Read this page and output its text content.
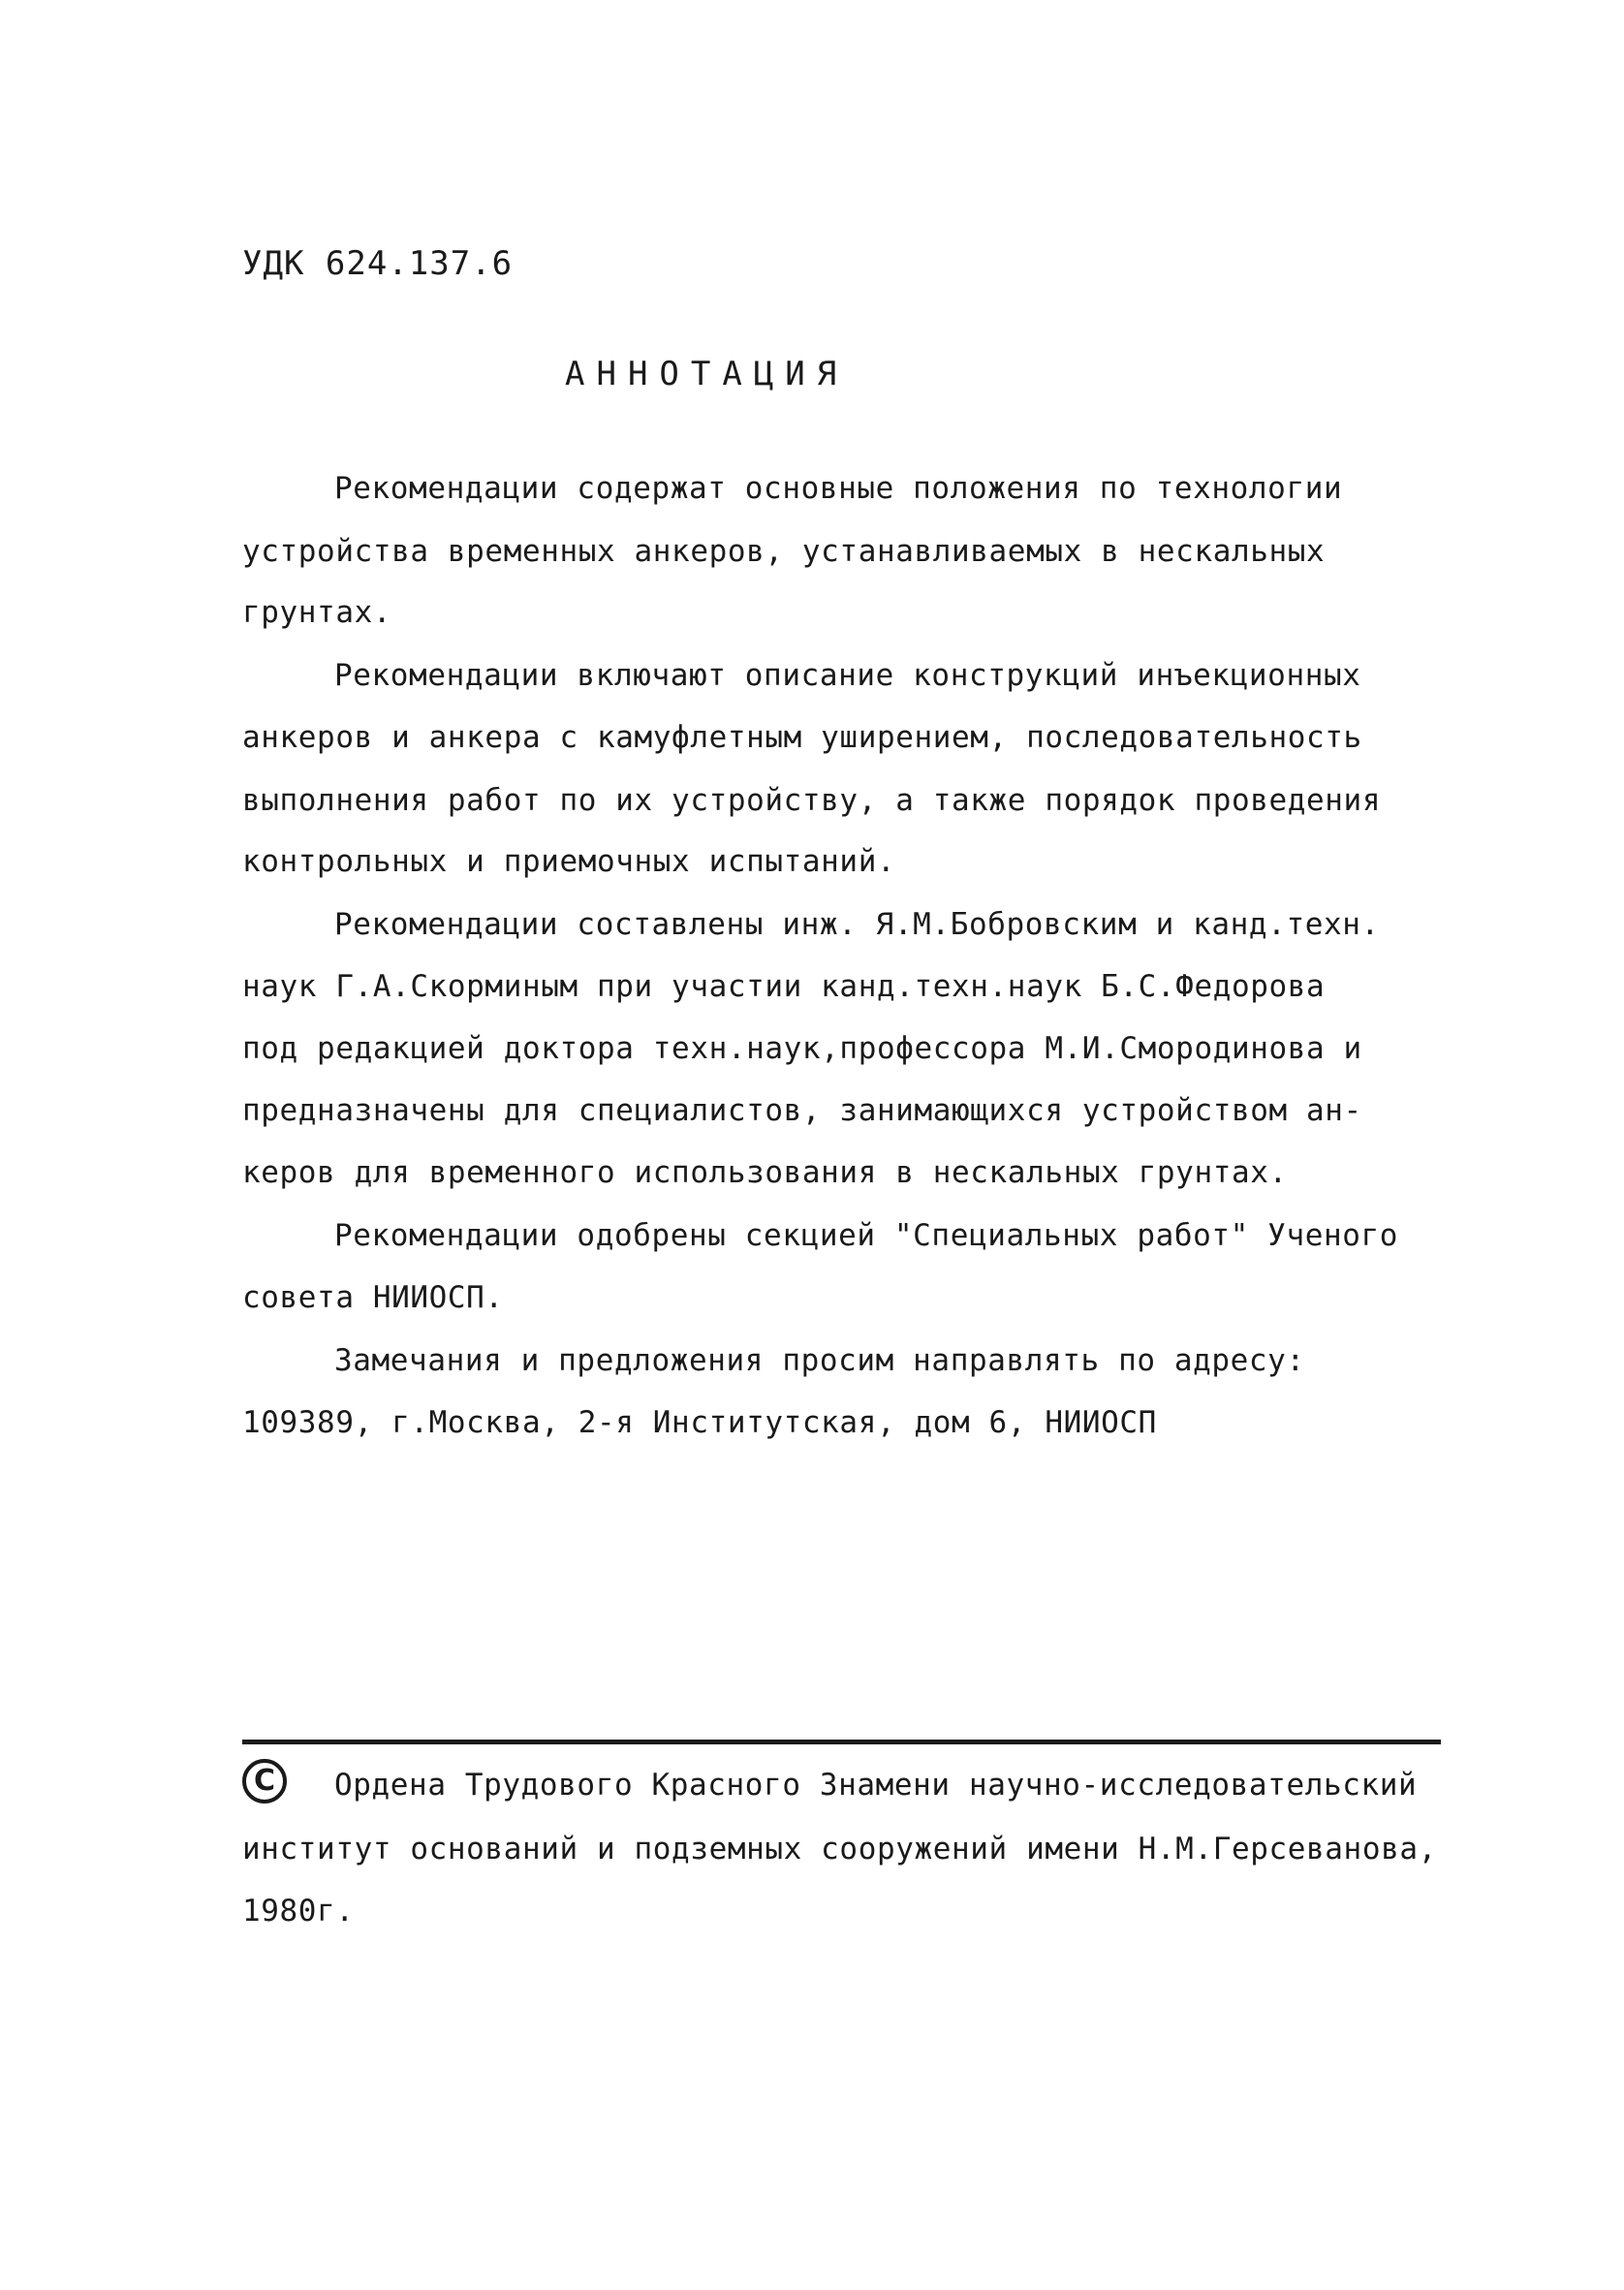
УДК 624.137.6
АННОТАЦИЯ
Рекомендации содержат основные положения по технологии
устройства временных анкеров, устанавливаемых в нескальных
грунтах.
Рекомендации включают описание конструкций инъекционных
анкеров и анкера с камуфлетным уширением, последовательность
выполнения работ по их устройству, а также порядок проведения
контрольных и приемочных испытаний.
Рекомендации составлены инж. Я.М.Бобровским и канд.техн.
наук Г.А.Скорминым при участии канд.техн.наук Б.С.Федорова
под редакцией доктора техн.наук,профессора М.И.Смородинова и
предназначены для специалистов, занимающихся устройством ан-
керов для временного использования в нескальных грунтах.
Рекомендации одобрены секцией "Специальных работ" Ученого
совета НИИОСП.
Замечания и предложения просим направлять по адресу:
109389, г.Москва, 2-я Институтская, дом 6, НИИОСП
C	Ордена Трудового Красного Знамени научно-исследовательский
институт оснований и подземных сооружений имени Н.М.Герсеванова,
1980г.
